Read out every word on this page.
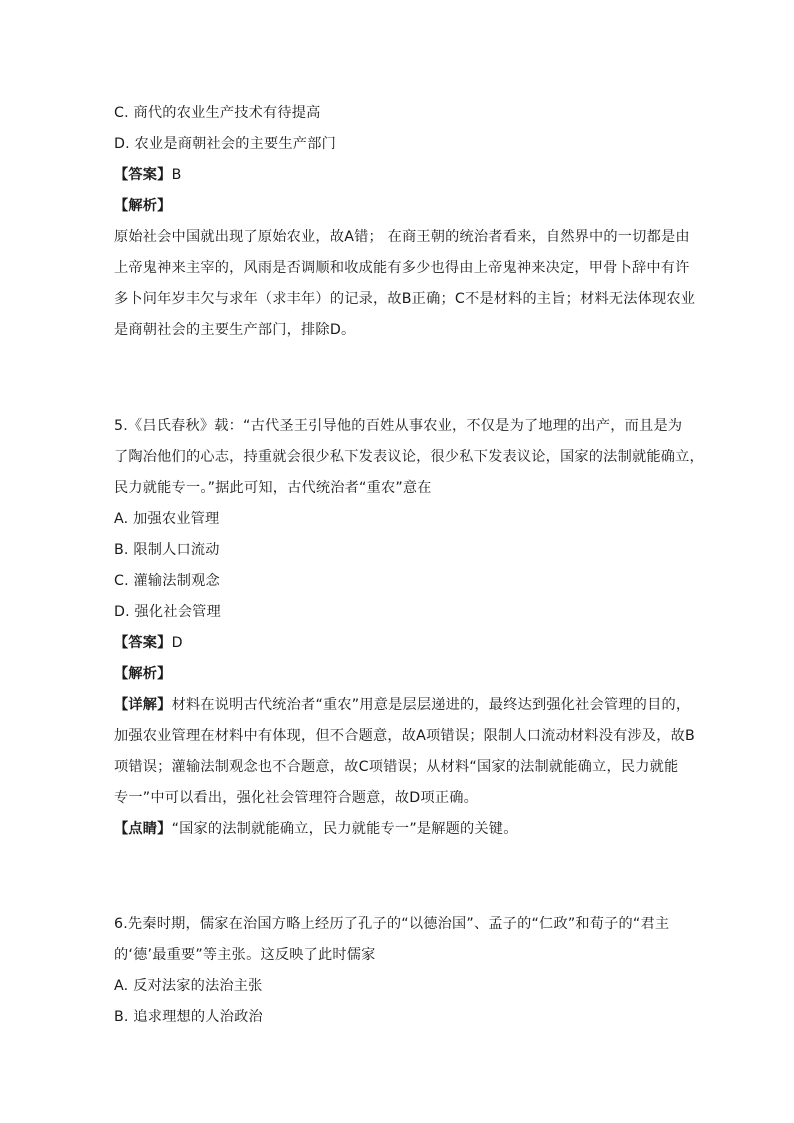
C. 商代的农业生产技术有待提高
D. 农业是商朝社会的主要生产部门
【答案】B
【解析】
原始社会中国就出现了原始农业，故A错； 在商王朝的统治者看来，自然界中的一切都是由
上帝鬼神来主宰的，风雨是否调顺和收成能有多少也得由上帝鬼神来决定，甲骨卜辞中有许
多卜问年岁丰欠与求年（求丰年）的记录，故B正确；C不是材料的主旨；材料无法体现农业
是商朝社会的主要生产部门，排除D。
5.《吕氏春秋》载：“古代圣王引导他的百姓从事农业，不仅是为了地理的出产，而且是为
了陶冶他们的心志，持重就会很少私下发表议论，很少私下发表议论，国家的法制就能确立，
民力就能专一。”据此可知，古代统治者“重农”意在
A. 加强农业管理
B. 限制人口流动
C. 灌输法制观念
D. 强化社会管理
【答案】D
【解析】
【详解】材料在说明古代统治者“重农”用意是层层递进的，最终达到强化社会管理的目的，
加强农业管理在材料中有体现，但不合题意，故A项错误；限制人口流动材料没有涉及，故B
项错误；灌输法制观念也不合题意，故C项错误；从材料“国家的法制就能确立，民力就能
专一”中可以看出，强化社会管理符合题意，故D项正确。
【点睛】“国家的法制就能确立，民力就能专一”是解题的关键。
6.先秦时期，儒家在治国方略上经历了孔子的“以德治国”、孟子的“仁政”和荀子的“君主
的‘德’最重要”等主张。这反映了此时儒家
A. 反对法家的法治主张
B. 追求理想的人治政治
